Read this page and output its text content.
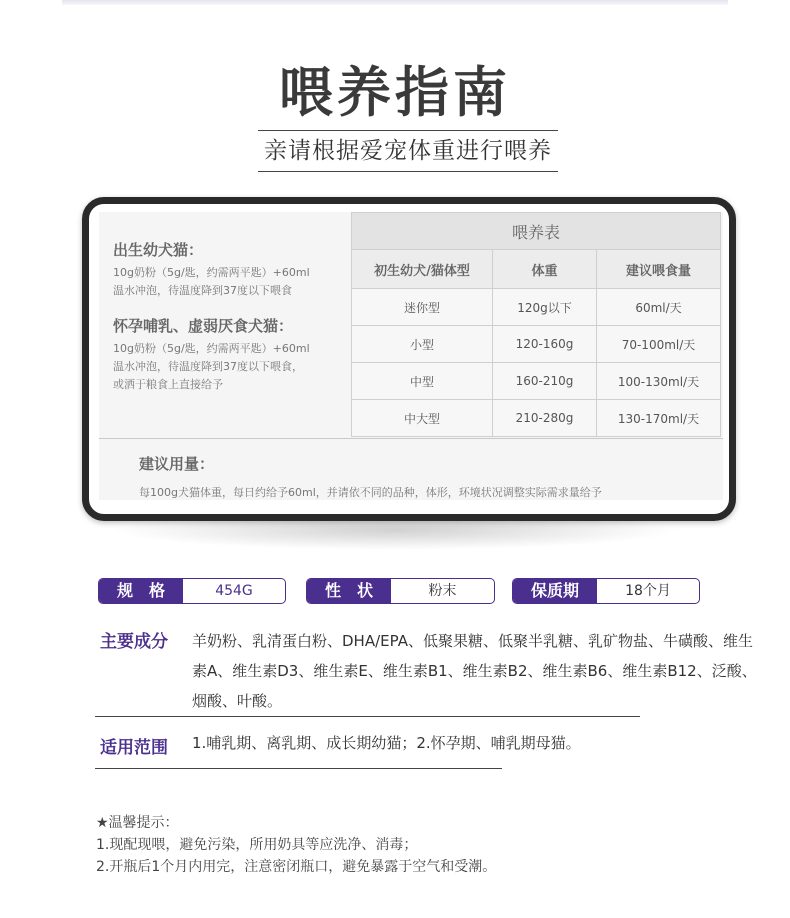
喂养指南
亲请根据爱宠体重进行喂养

出生幼犬猫：

10g奶粉（5g/匙，约需两平匙）+60ml
温水冲泡，待温度降到37度以下喂食

怀孕哺乳、虚弱厌食犬猫：

10g奶粉（5g/匙，约需两平匙）+60ml
温水冲泡，待温度降到37度以下喂食，
或洒于粮食上直接给予

喂养表		
初生幼犬/猫体型	体重	建议喂食量
迷你型	120g以下	60ml/天
小型	120-160g	70-100ml/天
中型	160-210g	100-130ml/天
中大型	210-280g	130-170ml/天
建议用量：
每100g犬猫体重，每日约给予60ml，并请依不同的品种，体形，环境状况调整实际需求量给予
规　格	454G	性　状	粉末	保质期	18个月
主要成分 羊奶粉、乳清蛋白粉、DHA/EPA、低聚果糖、低聚半乳糖、乳矿物盐、牛磺酸、维生素A、维生素D3、维生素E、维生素B1、维生素B2、维生素B6、维生素B12、泛酸、烟酸、叶酸。
适用范围 1.哺乳期、离乳期、成长期幼猫；2.怀孕期、哺乳期母猫。

★温馨提示：

1.现配现喂，避免污染，所用奶具等应洗净、消毒；

2.开瓶后1个月内用完，注意密闭瓶口，避免暴露于空气和受潮。
